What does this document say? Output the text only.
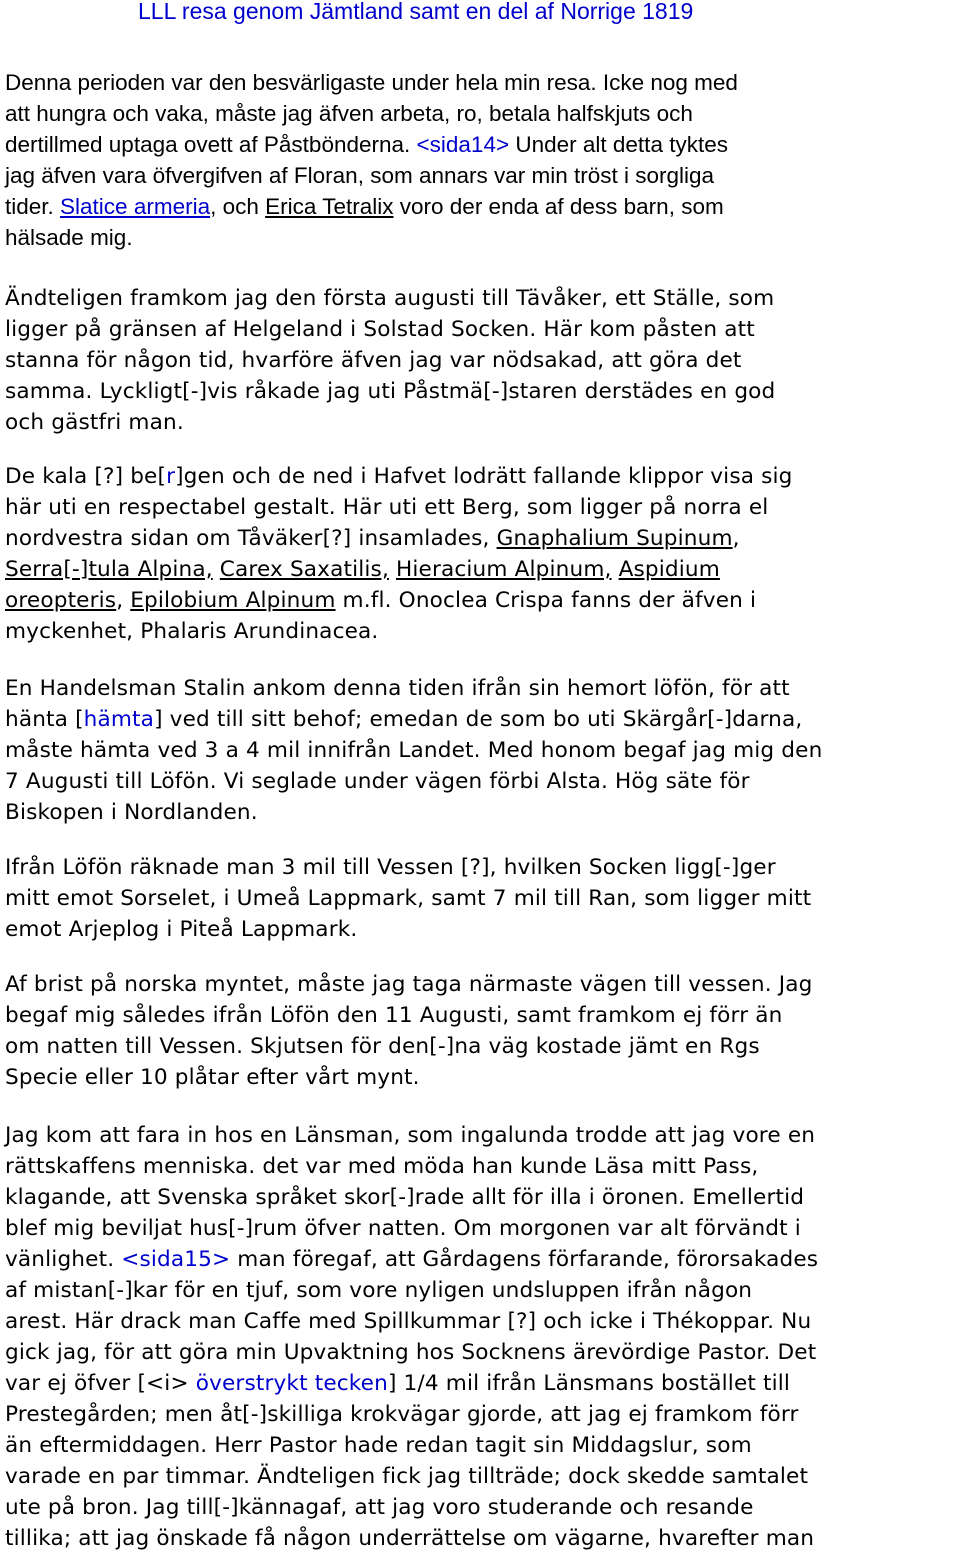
LLL resa genom Jämtland samt en del af Norrige 1819
Denna perioden var den besvärligaste under hela min resa. Icke nog med
att hungra och vaka, måste jag äfven arbeta, ro, betala halfskjuts och
dertillmed uptaga ovett af Påstbönderna. <sida14> Under alt detta tyktes
jag äfven vara öfvergifven af Floran, som annars var min tröst i sorgliga
tider. Slatice armeria, och Erica Tetralix voro der enda af dess barn, som
hälsade mig.
Ändteligen framkom jag den första augusti till Tävåker, ett Ställe, som
ligger på gränsen af Helgeland i Solstad Socken. Här kom påsten att
stanna för någon tid, hvarföre äfven jag var nödsakad, att göra det
samma. Lyckligt[-]vis råkade jag uti Påstmä[-]staren derstädes en god
och gästfri man.
De kala [?] be[r]gen och de ned i Hafvet lodrätt fallande klippor visa sig
här uti en respectabel gestalt. Här uti ett Berg, som ligger på norra el
nordvestra sidan om Tåväker[?] insamlades, Gnaphalium Supinum,
Serra[-]tula Alpina, Carex Saxatilis, Hieracium Alpinum, Aspidium
oreopteris, Epilobium Alpinum m.fl. Onoclea Crispa fanns der äfven i
myckenhet, Phalaris Arundinacea.
En Handelsman Stalin ankom denna tiden ifrån sin hemort löfön, för att
hänta [hämta] ved till sitt behof; emedan de som bo uti Skärgår[-]darna,
måste hämta ved 3 a 4 mil innifrån Landet. Med honom begaf jag mig den
7 Augusti till Löfön. Vi seglade under vägen förbi Alsta. Hög säte för
Biskopen i Nordlanden.
Ifrån Löfön räknade man 3 mil till Vessen [?], hvilken Socken ligg[-]ger
mitt emot Sorselet, i Umeå Lappmark, samt 7 mil till Ran, som ligger mitt
emot Arjeplog i Piteå Lappmark.
Af brist på norska myntet, måste jag taga närmaste vägen till vessen. Jag
begaf mig således ifrån Löfön den 11 Augusti, samt framkom ej förr än
om natten till Vessen. Skjutsen för den[-]na väg kostade jämt en Rgs
Specie eller 10 plåtar efter vårt mynt.
Jag kom att fara in hos en Länsman, som ingalunda trodde att jag vore en
rättskaffens menniska. det var med möda han kunde Läsa mitt Pass,
klagande, att Svenska språket skor[-]rade allt för illa i öronen. Emellertid
blef mig beviljat hus[-]rum öfver natten. Om morgonen var alt förvändt i
vänlighet. <sida15> man föregaf, att Gårdagens förfarande, förorsakades
af mistan[-]kar för en tjuf, som vore nyligen undsluppen ifrån någon
arest. Här drack man Caffe med Spillkummar [?] och icke i Thékoppar. Nu
gick jag, för att göra min Upvaktning hos Socknens ärevördige Pastor. Det
var ej öfver [<i> överstrykt tecken] 1/4 mil ifrån Länsmans bostället till
Prestegården; men åt[-]skilliga krokvägar gjorde, att jag ej framkom förr
än eftermiddagen. Herr Pastor hade redan tagit sin Middagslur, som
varade en par timmar. Ändteligen fick jag tillträde; dock skedde samtalet
ute på bron. Jag till[-]kännagaf, att jag voro studerande och resande
tillika; att jag önskade få någon underrättelse om vägarne, hvarefter man
